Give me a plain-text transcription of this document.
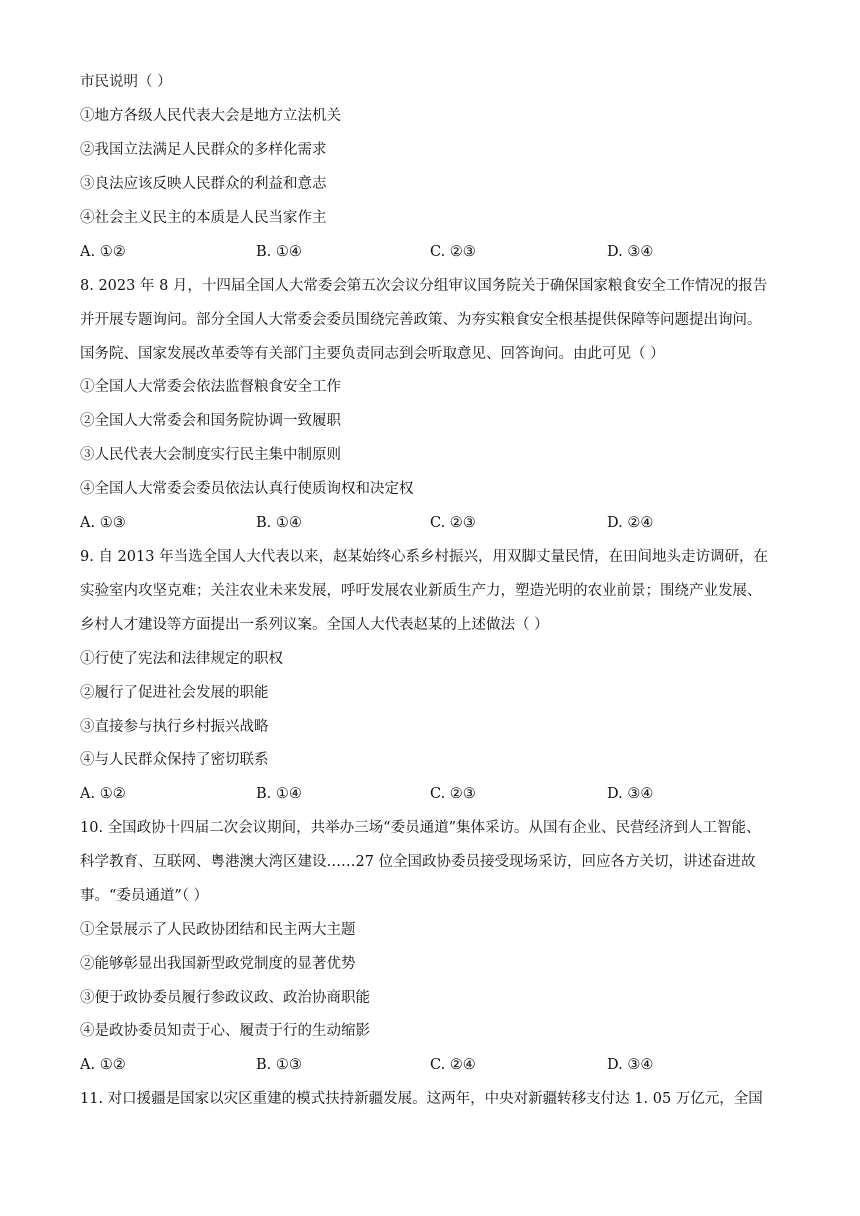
市民说明（ ）
①地方各级人民代表大会是地方立法机关
②我国立法满足人民群众的多样化需求
③良法应该反映人民群众的利益和意志
④社会主义民主的本质是人民当家作主
A. ①②	B. ①④	C. ②③	D. ③④
8. 2023 年 8 月，十四届全国人大常委会第五次会议分组审议国务院关于确保国家粮食安全工作情况的报告
并开展专题询问。部分全国人大常委会委员围绕完善政策、为夯实粮食安全根基提供保障等问题提出询问。
国务院、国家发展改革委等有关部门主要负责同志到会听取意见、回答询问。由此可见（ ）
①全国人大常委会依法监督粮食安全工作
②全国人大常委会和国务院协调一致履职
③人民代表大会制度实行民主集中制原则
④全国人大常委会委员依法认真行使质询权和决定权
A. ①③	B. ①④	C. ②③	D. ②④
9. 自 2013 年当选全国人大代表以来，赵某始终心系乡村振兴，用双脚丈量民情，在田间地头走访调研，在
实验室内攻坚克难；关注农业未来发展，呼吁发展农业新质生产力，塑造光明的农业前景；围绕产业发展、
乡村人才建设等方面提出一系列议案。全国人大代表赵某的上述做法（ ）
①行使了宪法和法律规定的职权
②履行了促进社会发展的职能
③直接参与执行乡村振兴战略
④与人民群众保持了密切联系
A. ①②	B. ①④	C. ②③	D. ③④
10. 全国政协十四届二次会议期间，共举办三场“委员通道”集体采访。从国有企业、民营经济到人工智能、
科学教育、互联网、粤港澳大湾区建设……27 位全国政协委员接受现场采访，回应各方关切，讲述奋进故
事。“委员通道”（ ）
①全景展示了人民政协团结和民主两大主题
②能够彰显出我国新型政党制度的显著优势
③便于政协委员履行参政议政、政治协商职能
④是政协委员知责于心、履责于行的生动缩影
A. ①②	B. ①③	C. ②④	D. ③④
11. 对口援疆是国家以灾区重建的模式扶持新疆发展。这两年，中央对新疆转移支付达 1. 05 万亿元，全国
